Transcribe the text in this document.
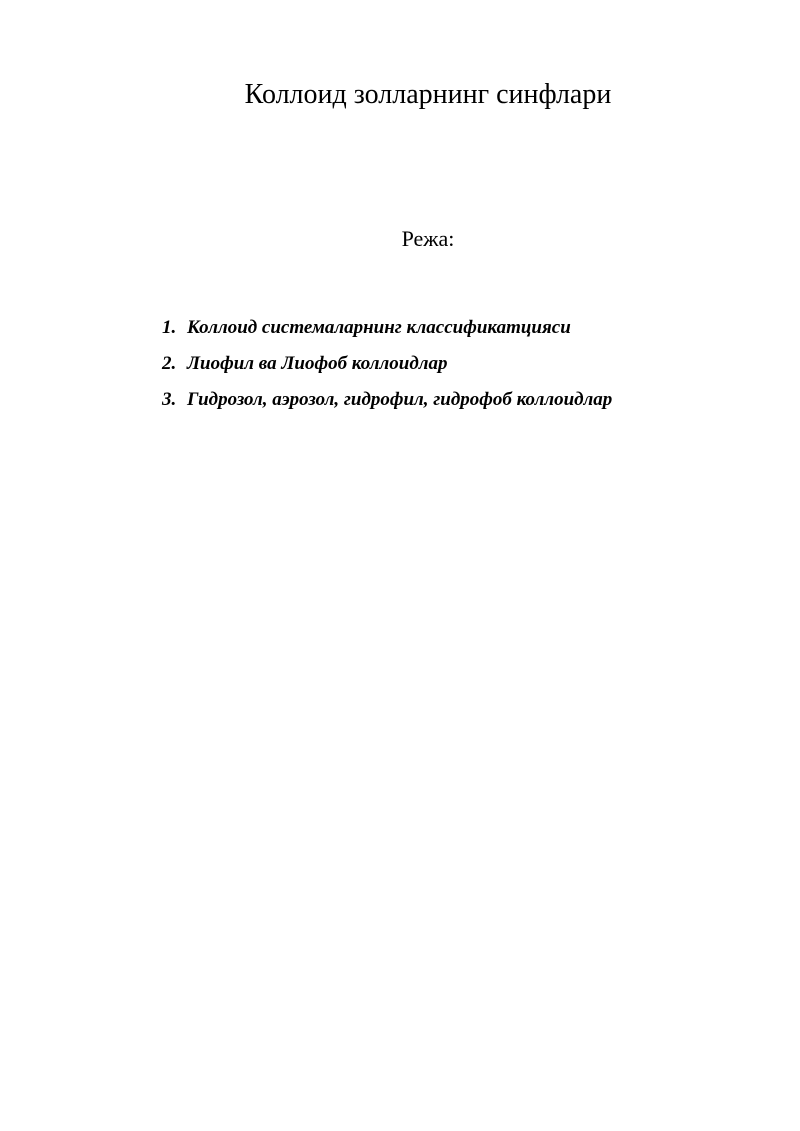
Коллоид золларнинг синфлари

Режа:

1. Коллоид системаларнинг классификатцияси
2. Лиофил ва Лиофоб коллоидлар
3. Гидрозол, аэрозол, гидрофил, гидрофоб коллоидлар
